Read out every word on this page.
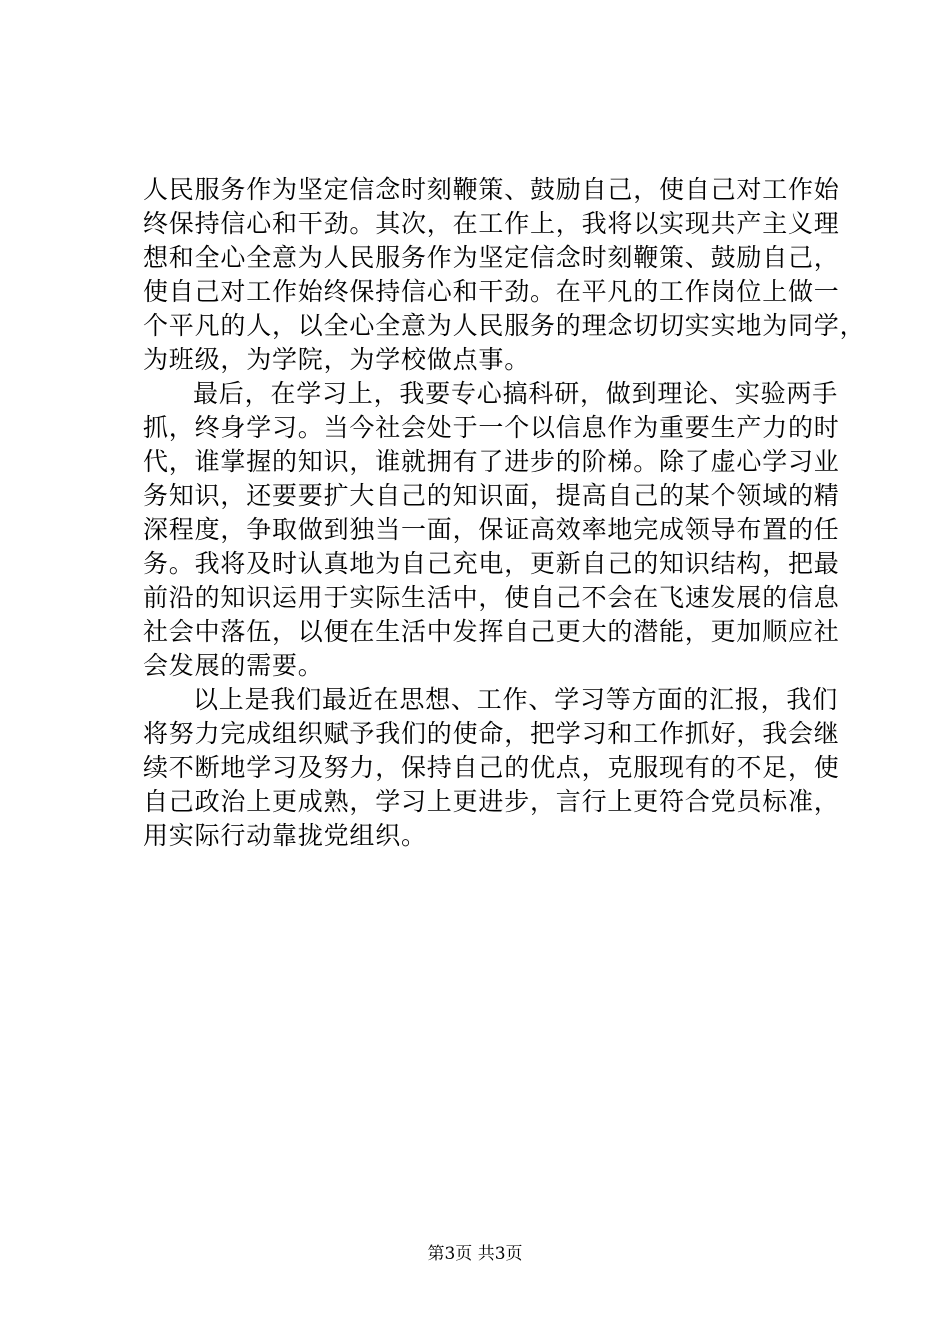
人民服务作为坚定信念时刻鞭策、鼓励自己，使自己对工作始
终保持信心和干劲。其次，在工作上，我将以实现共产主义理
想和全心全意为人民服务作为坚定信念时刻鞭策、鼓励自己，
使自己对工作始终保持信心和干劲。在平凡的工作岗位上做一
个平凡的人，以全心全意为人民服务的理念切切实实地为同学，
为班级，为学院，为学校做点事。
最后，在学习上，我要专心搞科研，做到理论、实验两手
抓，终身学习。当今社会处于一个以信息作为重要生产力的时
代，谁掌握的知识，谁就拥有了进步的阶梯。除了虚心学习业
务知识，还要要扩大自己的知识面，提高自己的某个领域的精
深程度，争取做到独当一面，保证高效率地完成领导布置的任
务。我将及时认真地为自己充电，更新自己的知识结构，把最
前沿的知识运用于实际生活中，使自己不会在飞速发展的信息
社会中落伍，以便在生活中发挥自己更大的潜能，更加顺应社
会发展的需要。
以上是我们最近在思想、工作、学习等方面的汇报，我们
将努力完成组织赋予我们的使命，把学习和工作抓好，我会继
续不断地学习及努力，保持自己的优点，克服现有的不足，使
自己政治上更成熟，学习上更进步，言行上更符合党员标准，
用实际行动靠拢党组织。
第3页 共3页
